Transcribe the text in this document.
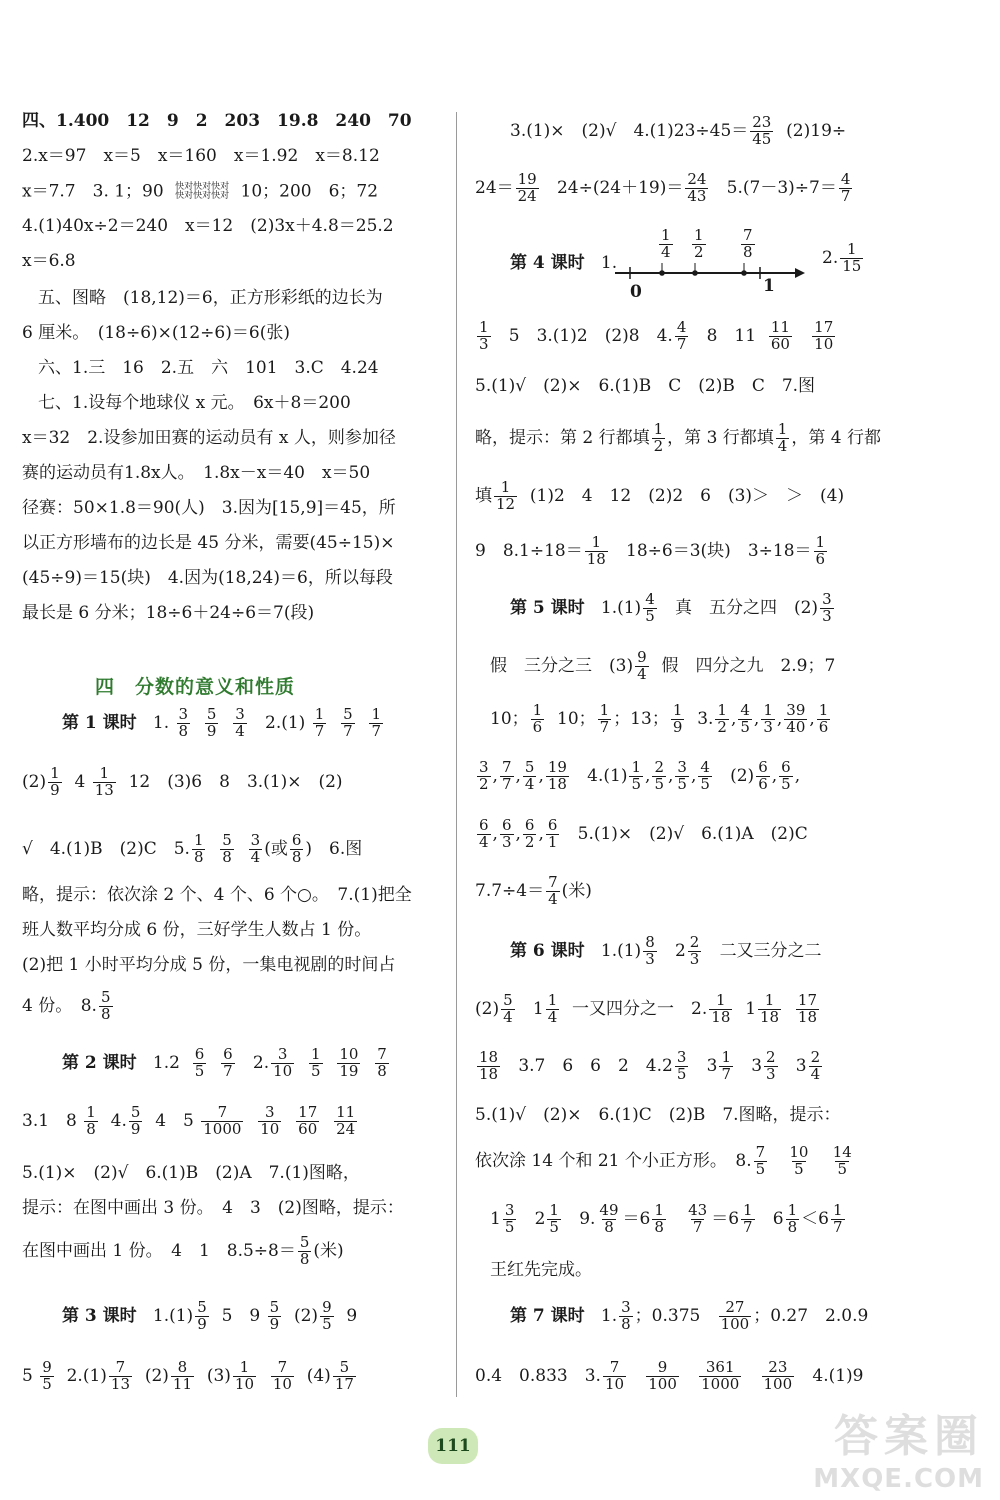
四、1.400　12　9　2　203　19.8　240　70
2.x＝97　x＝5　x＝160　x＝1.92　x＝8.12
x＝7.7　3. 1；90 快对快对快对
快对快对快对 10；200　6；72
4.(1)40x÷2＝240　x＝12　(2)3x＋4.8＝25.2
x＝6.8
五、图略　(18,12)＝6，正方形彩纸的边长为
6 厘米。　(18÷6)×(12÷6)＝6(张)
六、1.三　16　2.五　六　101　3.C　4.24
七、1.设每个地球仪 x 元。　6x＋8＝200
x＝32　2.设参加田赛的运动员有 x 人，则参加径
赛的运动员有1.8x人。　1.8x－x＝40　x＝50
径赛：50×1.8＝90(人)　3.因为[15,9]＝45，所
以正方形墙布的边长是 45 分米，需要(45÷15)×
(45÷9)＝15(块)　4.因为(18,24)＝6，所以每段
最长是 6 分米；18÷6＋24÷6＝7(段)
第 1 课时 1. $\frac{3}{8}$
$\frac{5}{9}$
$\frac{3}{4} 2.(1) \frac{1}{7}$
$\frac{5}{7}$
$\frac{1}{7}$
$(2) \frac{1}{9} 4 \frac{1}{13} 12$　(3)6　8　3.(1)×　(2)
√　4.(1)B　(2)C　5. $\frac{1}{8}$
$\frac{5}{8}$
$\frac{3}{4}$ (或 $\frac{6}{8}$ )　6.图
略，提示：依次涂 2 个、4 个、6 个○。　7.(1)把全
班人数平均分成 6 份，三好学生人数占 1 份。
(2)把 1 小时平均分成 5 份，一集电视剧的时间占
4 份。　8. $\frac{5}{8}$
第 2 课时 $1.2 \frac{6}{5}$
$\frac{6}{7} 2$. $\frac{3}{10}$
$\frac{1}{5}$
$\frac{10}{19}$
$\frac{7}{8}$
3.1　$8 \frac{1}{8} 4$. $\frac{5}{9} 4$　$5 \frac{7}{1000}$
$\frac{3}{10}$
$\frac{17}{60}$
$\frac{11}{24}$
5.(1)×　(2)√　6.(1)B　(2)A　7.(1)图略，
提示：在图中画出 3 份。　4　3　(2)图略，提示：
在图中画出 1 份。　4　1　$8.5\div 8= \frac{5}{8}$ (米)
第 3 课时 $1.(1) \frac{5}{9} 5$　$9 \frac{5}{9} (2) \frac{9}{5} 9$
$5 \frac{9}{5} 2.(1) \frac{7}{13} (2) \frac{8}{11} (3) \frac{1}{10}$
$\frac{7}{10} (4) \frac{5}{17}$
四　分数的意义和性质
3.(1)×　(2)√　$4.(1)23\div 45= \frac{23}{45} (2)19\div$
$24= \frac{19}{24} 24\div(24+19)= \frac{24}{43} 5.(7-3)\div 7= \frac{4}{7}$
第 4 课时 1.
0	1
$\frac{1}{4} \frac{1}{2} \frac{7}{8}$	2. $\frac{1}{15}$
$\frac{1}{3} 5$　3.(1)2　(2)8　4. $\frac{4}{7} 8$　$11 \frac{11}{60}$
$\frac{17}{10}$
5.(1)√　(2)×　6.(1)B　C　(2)B　C　7.图
略，提示：第 2 行都填 $\frac{1}{2}$ ，第 3 行都填 $\frac{1}{4}$ ，第 4 行都
填 $\frac{1}{12} (1)2$　4　12　(2)2　6　(3)＞　＞　(4)
9　$8.1\div 18= \frac{1}{18} 18\div 6=3$(块)　$3\div 18= \frac{1}{6}$
第 5 课时 $1.(1) \frac{4}{5}$ 真　五分之四　$(2) \frac{3}{3}$
假　三分之三　$(3) \frac{9}{4}$ 假　四分之九　2.9；7
10； $\frac{1}{6} 10$； $\frac{1}{7}$ ；13； $\frac{1}{9} 3$. $\frac{1}{2}$ , $\frac{4}{5}$ , $\frac{1}{3}$ , $\frac{39}{40}$ , $\frac{1}{6}$
$\frac{3}{2}$ , $\frac{7}{7}$ , $\frac{5}{4}$ , $\frac{19}{18} 4.(1) \frac{1}{5}$ , $\frac{2}{5}$ , $\frac{3}{5}$ , $\frac{4}{5} (2) \frac{6}{6}$ , $\frac{6}{5}$ ,
$\frac{6}{4}$ , $\frac{6}{3}$ , $\frac{6}{2}$ , $\frac{6}{1} 5.(1)\times$　(2)√　6.(1)A　(2)C
$7.7\div 4= \frac{7}{4}$ (米)
第 6 课时 $1.(1) \frac{8}{3}$
$2 \frac{2}{3}$ 二又三分之二
$(2) \frac{5}{4}$
$1 \frac{1}{4}$ 一又四分之一　2. $\frac{1}{18}$
$1 \frac{1}{18}$
$\frac{17}{18}$
$\frac{18}{18} 3.7$　6　6　2　$4.2 \frac{3}{5}$
$3 \frac{1}{7}$
$3 \frac{2}{3}$
$3 \frac{2}{4}$
5.(1)√　(2)×　6.(1)C　(2)B　7.图略，提示：
依次涂 14 个和 21 个小正方形。　8. $\frac{7}{5}$
$\frac{10}{5}$
$\frac{14}{5}$
$1 \frac{3}{5}$
$2 \frac{1}{5} 9$. $\frac{49}{8} =6 \frac{1}{8}$
$\frac{43}{7} =6 \frac{1}{7} 6 \frac{1}{8} <6 \frac{1}{7}$
王红先完成。
第 7 课时 1. $\frac{3}{8}$ ；$0.375 \frac{27}{100}$ ；0.27　2.0.9
0.4　0.833　3. $\frac{7}{10}$
$\frac{9}{100}$
$\frac{361}{1000}$
$\frac{23}{100} 4.(1)9$
111	答案圈
MXQE.COM
